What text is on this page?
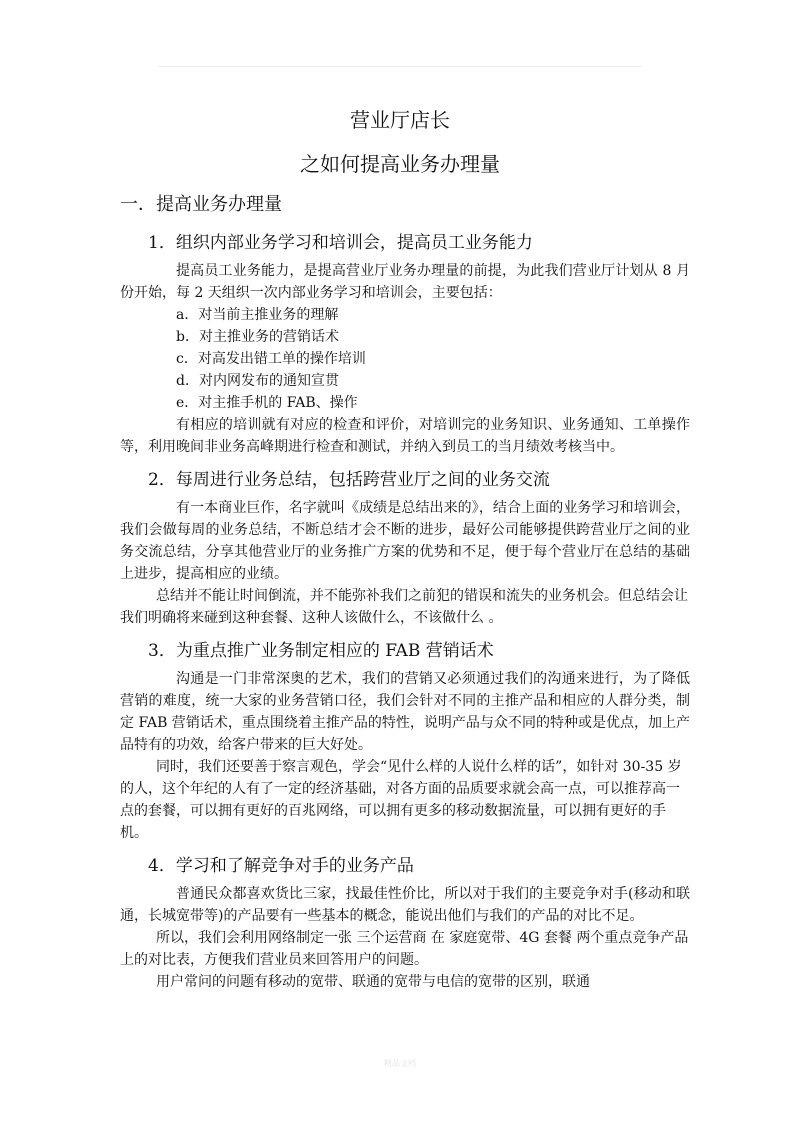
营业厅店长
之如何提高业务办理量
一．提高业务办理量
1．组织内部业务学习和培训会，提高员工业务能力

提高员工业务能力，是提高营业厅业务办理量的前提，为此我们营业厅计划从 8 月份开始，每 2 天组织一次内部业务学习和培训会，主要包括：

a．对当前主推业务的理解

b．对主推业务的营销话术

c．对高发出错工单的操作培训

d．对内网发布的通知宣贯

e．对主推手机的 FAB、操作

有相应的培训就有对应的检查和评价，对培训完的业务知识、业务通知、工单操作等，利用晚间非业务高峰期进行检查和测试，并纳入到员工的当月绩效考核当中。

2．每周进行业务总结，包括跨营业厅之间的业务交流

有一本商业巨作，名字就叫《成绩是总结出来的》，结合上面的业务学习和培训会，我们会做每周的业务总结，不断总结才会不断的进步，最好公司能够提供跨营业厅之间的业务交流总结，分享其他营业厅的业务推广方案的优势和不足，便于每个营业厅在总结的基础上进步，提高相应的业绩。

总结并不能让时间倒流，并不能弥补我们之前犯的错误和流失的业务机会。但总结会让我们明确将来碰到这种套餐、这种人该做什么，不该做什么 。

3．为重点推广业务制定相应的 FAB 营销话术

沟通是一门非常深奥的艺术，我们的营销又必须通过我们的沟通来进行，为了降低营销的难度，统一大家的业务营销口径，我们会针对不同的主推产品和相应的人群分类，制定 FAB 营销话术，重点围绕着主推产品的特性，说明产品与众不同的特种或是优点，加上产品特有的功效，给客户带来的巨大好处。

同时，我们还要善于察言观色，学会“见什么样的人说什么样的话”，如针对 30-35 岁的人，这个年纪的人有了一定的经济基础，对各方面的品质要求就会高一点，可以推荐高一点的套餐，可以拥有更好的百兆网络，可以拥有更多的移动数据流量，可以拥有更好的手机。

4．学习和了解竞争对手的业务产品

普通民众都喜欢货比三家，找最佳性价比，所以对于我们的主要竞争对手(移动和联通，长城宽带等)的产品要有一些基本的概念，能说出他们与我们的产品的对比不足。

所以，我们会利用网络制定一张 三个运营商 在 家庭宽带、4G 套餐 两个重点竞争产品上的对比表，方便我们营业员来回答用户的问题。

用户常问的问题有移动的宽带、联通的宽带与电信的宽带的区别，联通

精品文档
